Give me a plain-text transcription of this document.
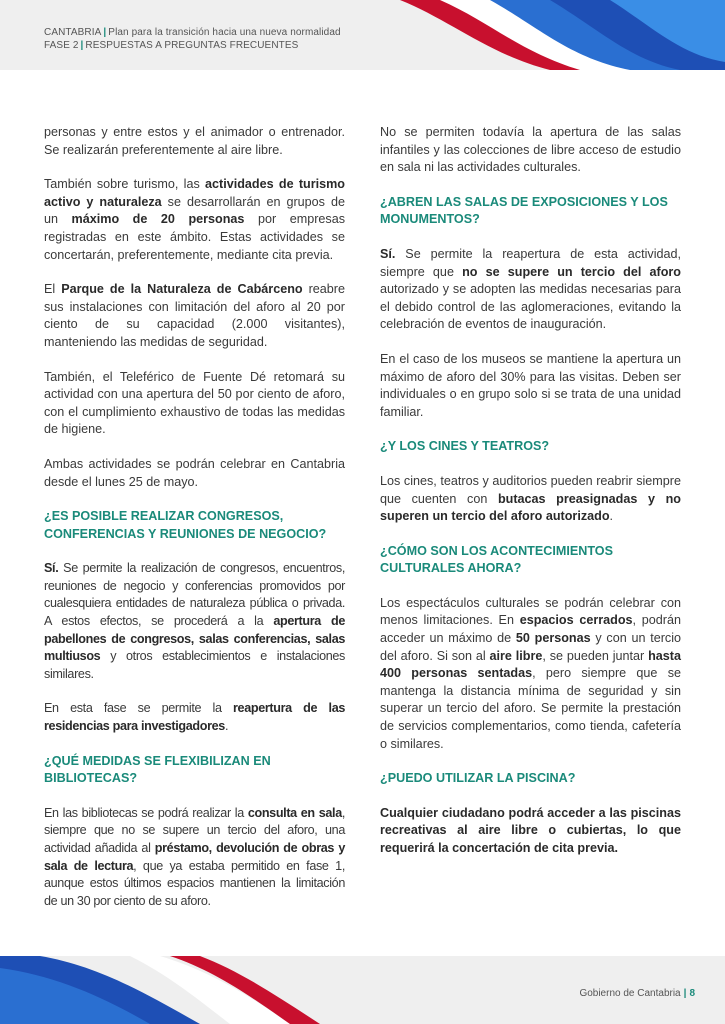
CANTABRIA | Plan para la transición hacia una nueva normalidad
FASE 2 | RESPUESTAS A PREGUNTAS FRECUENTES

personas y entre estos y el animador o entrenador. Se realizarán preferentemente al aire libre.

También sobre turismo, las actividades de turismo activo y naturaleza se desarrollarán en grupos de un máximo de 20 personas por empresas registradas en este ámbito. Estas actividades se concertarán, preferentemente, mediante cita previa.

El Parque de la Naturaleza de Cabárceno reabre sus instalaciones con limitación del aforo al 20 por ciento de su capacidad (2.000 visitantes), manteniendo las medidas de seguridad.

También, el Teleférico de Fuente Dé retomará su actividad con una apertura del 50 por ciento de aforo, con el cumplimiento exhaustivo de todas las medidas de higiene.

Ambas actividades se podrán celebrar en Cantabria desde el lunes 25 de mayo.

¿ES POSIBLE REALIZAR CONGRESOS, CONFERENCIAS Y REUNIONES DE NEGOCIO?

Sí. Se permite la realización de congresos, encuentros, reuniones de negocio y conferencias promovidos por cualesquiera entidades de naturaleza pública o privada. A estos efectos, se procederá a la apertura de pabellones de congresos, salas conferencias, salas multiusos y otros establecimientos e instalaciones similares.

En esta fase se permite la reapertura de las residencias para investigadores.

¿QUÉ MEDIDAS SE FLEXIBILIZAN EN BIBLIOTECAS?

En las bibliotecas se podrá realizar la consulta en sala, siempre que no se supere un tercio del aforo, una actividad añadida al préstamo, devolución de obras y sala de lectura, que ya estaba permitido en fase 1, aunque estos últimos espacios mantienen la limitación de un 30 por ciento de su aforo.

No se permiten todavía la apertura de las salas infantiles y las colecciones de libre acceso de estudio en sala ni las actividades culturales.

¿ABREN LAS SALAS DE EXPOSICIONES Y LOS MONUMENTOS?

Sí. Se permite la reapertura de esta actividad, siempre que no se supere un tercio del aforo autorizado y se adopten las medidas necesarias para el debido control de las aglomeraciones, evitando la celebración de eventos de inauguración.

En el caso de los museos se mantiene la apertura un máximo de aforo del 30% para las visitas. Deben ser individuales o en grupo solo si se trata de una unidad familiar.

¿Y LOS CINES Y TEATROS?

Los cines, teatros y auditorios pueden reabrir siempre que cuenten con butacas preasignadas y no superen un tercio del aforo autorizado.

¿CÓMO SON LOS ACONTECIMIENTOS CULTURALES AHORA?

Los espectáculos culturales se podrán celebrar con menos limitaciones. En espacios cerrados, podrán acceder un máximo de 50 personas y con un tercio del aforo. Si son al aire libre, se pueden juntar hasta 400 personas sentadas, pero siempre que se mantenga la distancia mínima de seguridad y sin superar un tercio del aforo. Se permite la prestación de servicios complementarios, como tienda, cafetería o similares.

¿PUEDO UTILIZAR LA PISCINA?

Cualquier ciudadano podrá acceder a las piscinas recreativas al aire libre o cubiertas, lo que requerirá la concertación de cita previa.

Gobierno de Cantabria | 8
